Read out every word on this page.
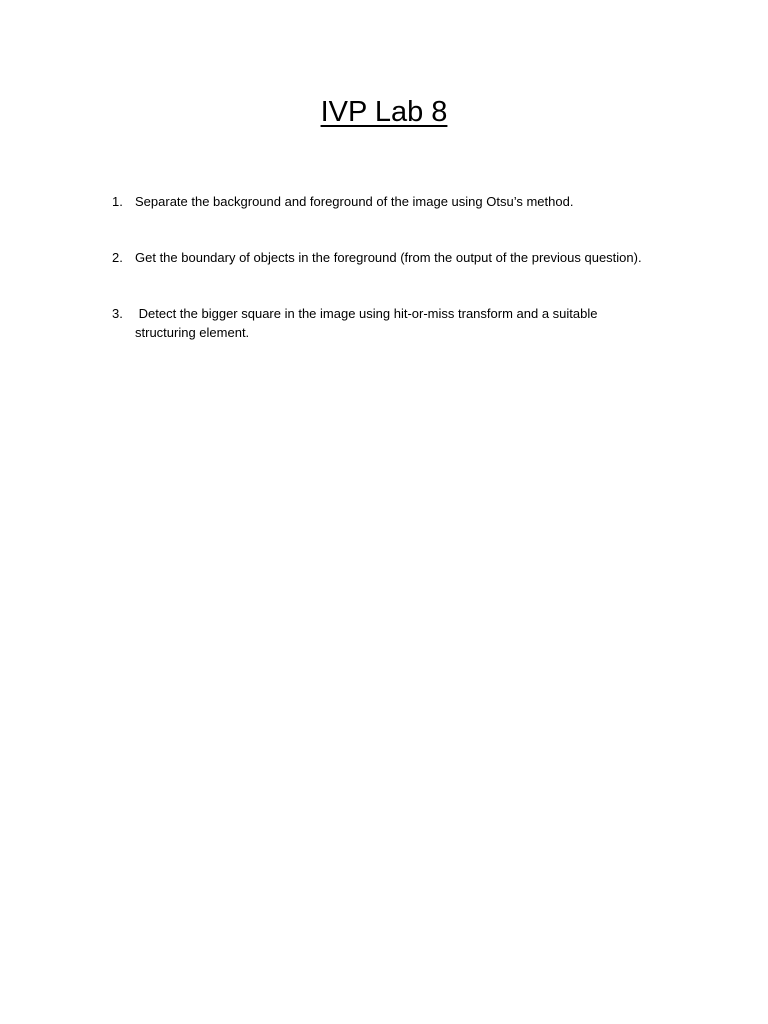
IVP Lab 8
1. Separate the background and foreground of the image using Otsu’s method.
2. Get the boundary of objects in the foreground (from the output of the previous question).
3.	Detect the bigger square in the image using hit-or-miss transform and a suitable
structuring element.
